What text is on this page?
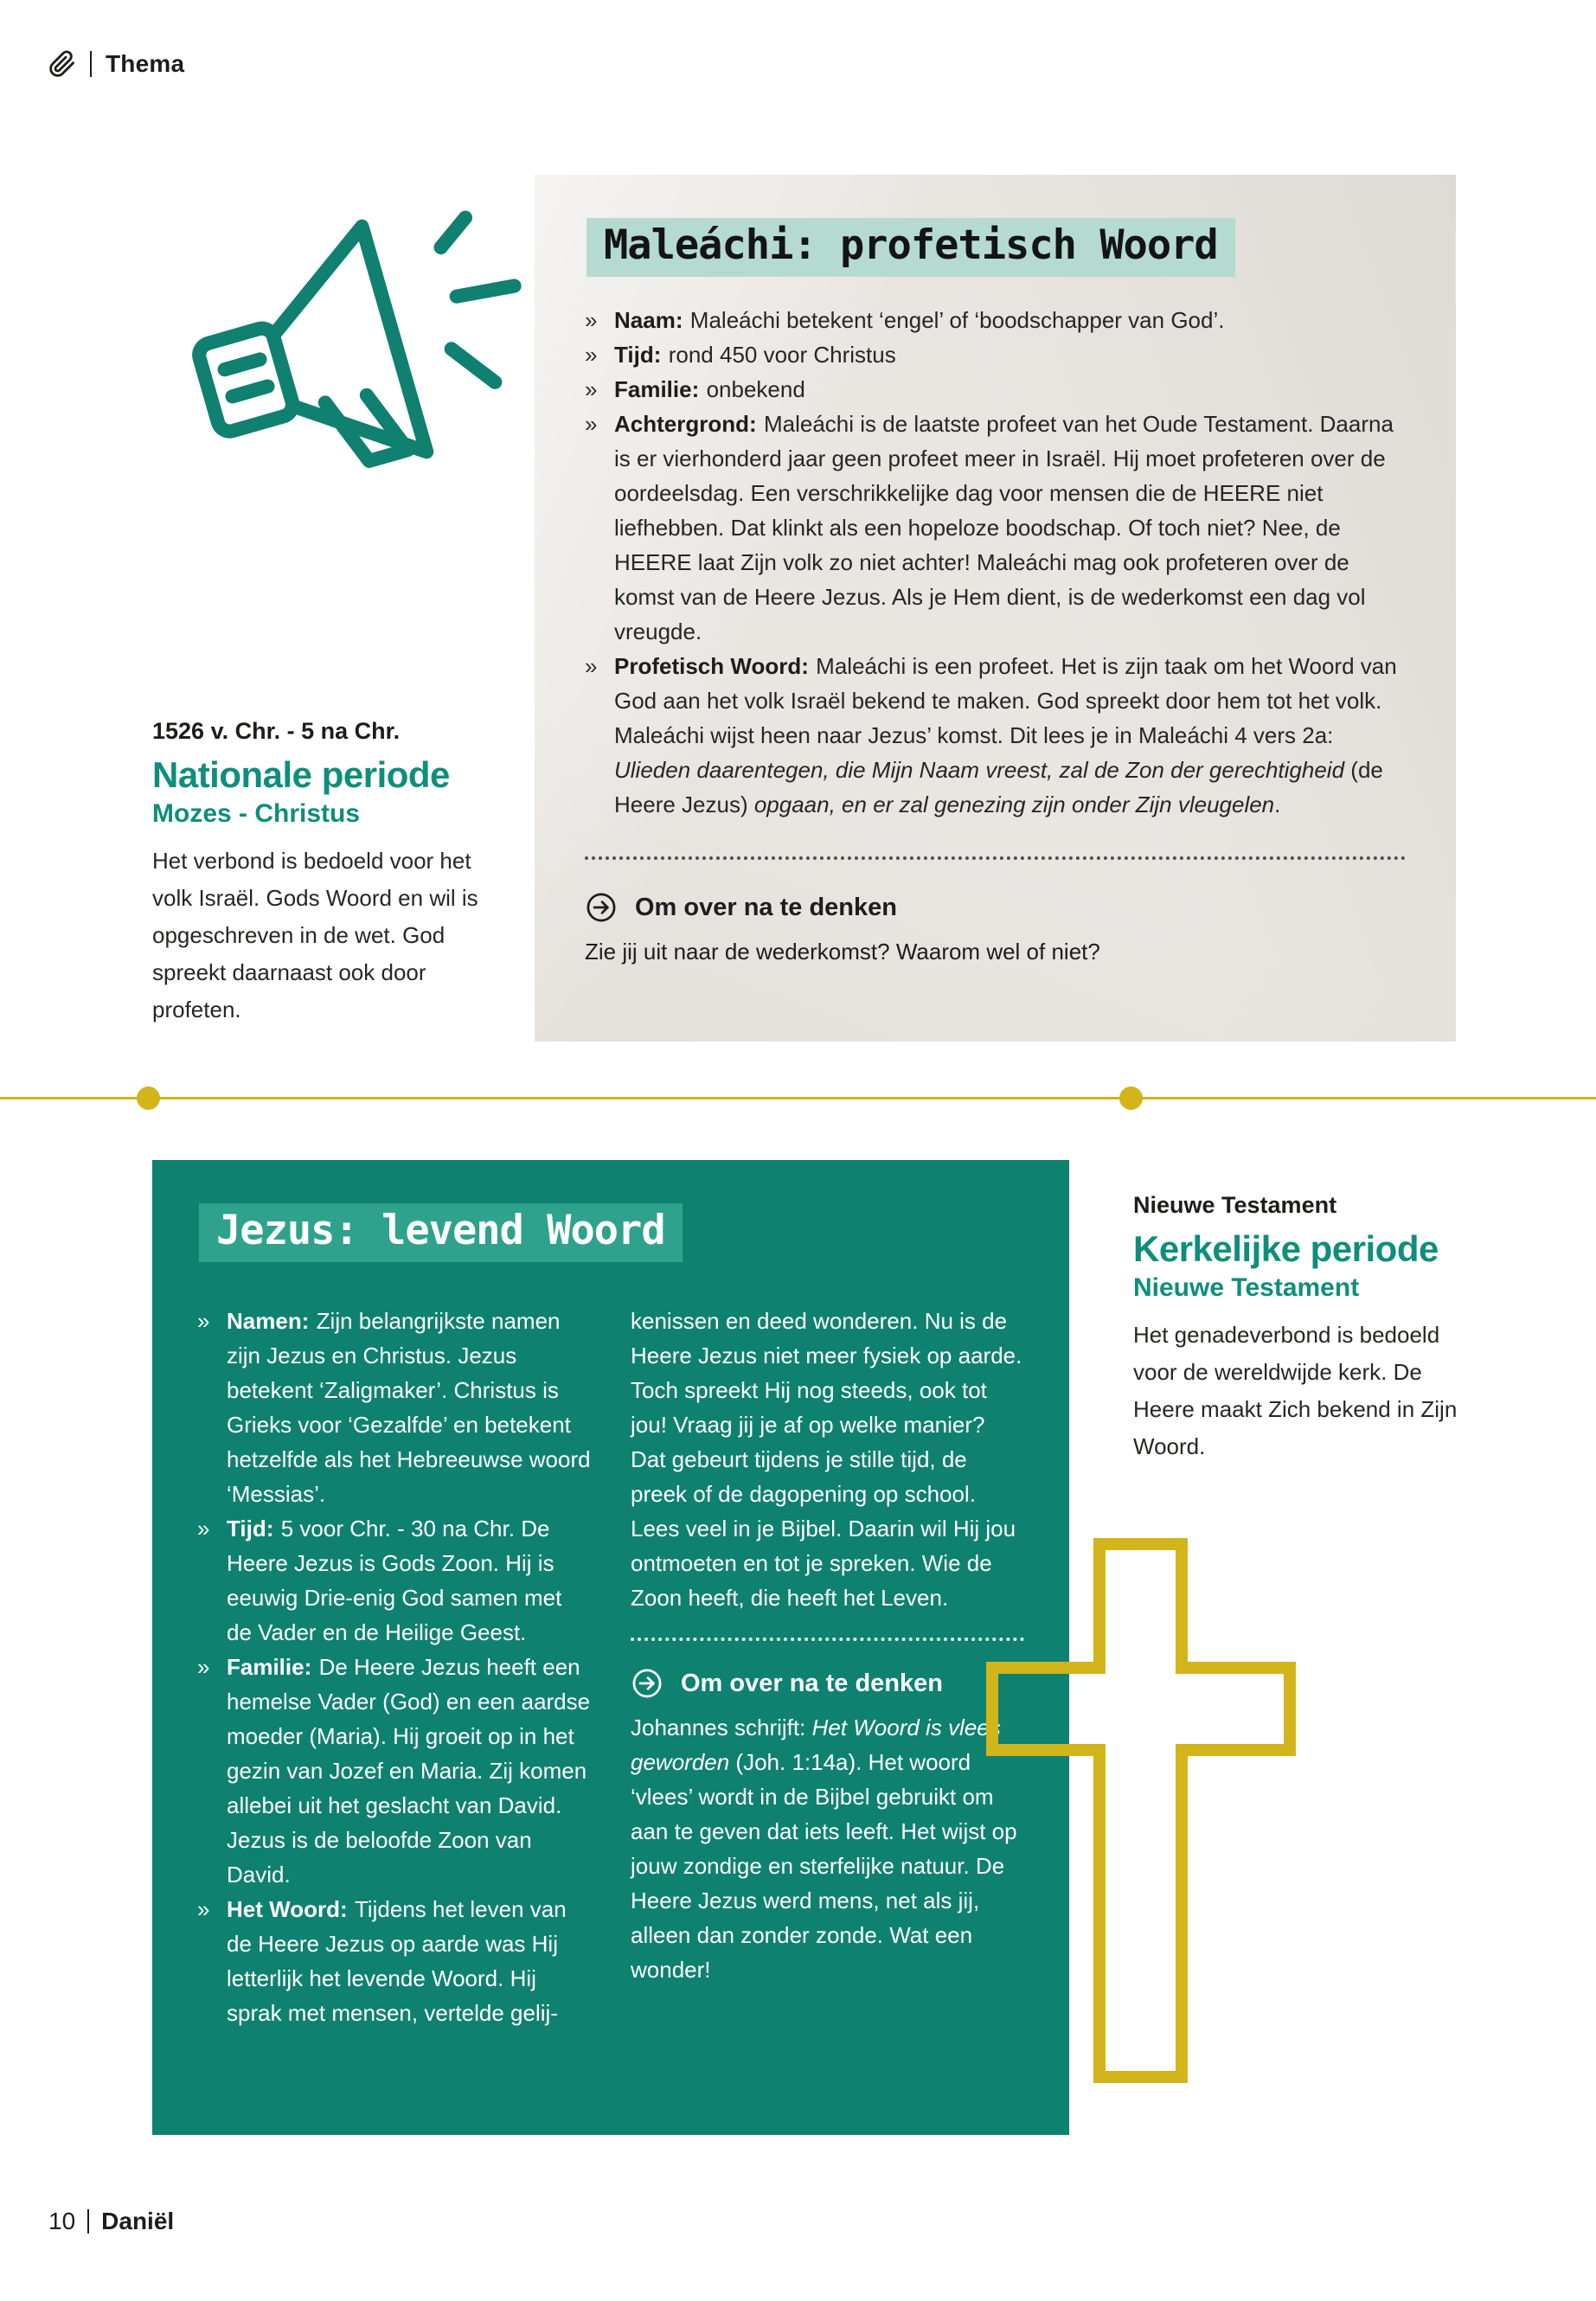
Thema
Maleáchi: profetisch Woord
» Naam: Maleáchi betekent ‘engel’ of ‘boodschapper van God’.

» Tijd: rond 450 voor Christus

» Familie: onbekend

» Achtergrond: Maleáchi is de laatste profeet van het Oude Testament. Daarna is er vierhonderd jaar geen profeet meer in Israël. Hij moet profeteren over de oordeelsdag. Een verschrikkelijke dag voor mensen die de HEERE niet liefhebben. Dat klinkt als een hopeloze boodschap. Of toch niet? Nee, de HEERE laat Zijn volk zo niet achter! Maleáchi mag ook profeteren over de komst van de Heere Jezus. Als je Hem dient, is de wederkomst een dag vol vreugde.

» Profetisch Woord: Maleáchi is een profeet. Het is zijn taak om het Woord van God aan het volk Israël bekend te maken. God spreekt door hem tot het volk. Maleáchi wijst heen naar Jezus’ komst. Dit lees je in Maleáchi 4 vers 2a: Ulieden daarentegen, die Mijn Naam vreest, zal de Zon der gerechtigheid (de Heere Jezus) opgaan, en er zal genezing zijn onder Zijn vleugelen.

Om over na te denken

Zie jij uit naar de wederkomst? Waarom wel of niet?

1526 v. Chr. - 5 na Chr.

Nationale periode
Mozes - Christus

Het verbond is bedoeld voor het volk Israël. Gods Woord en wil is opgeschreven in de wet. God spreekt daarnaast ook door profeten.

Jezus: levend Woord
» Namen: Zijn belangrijkste namen zijn Jezus en Christus. Jezus betekent ‘Zaligmaker’. Christus is Grieks voor ‘Gezalfde’ en betekent hetzelfde als het Hebreeuwse woord ‘Messias’.

» Tijd: 5 voor Chr. - 30 na Chr. De Heere Jezus is Gods Zoon. Hij is eeuwig Drie-enig God samen met de Vader en de Heilige Geest.

» Familie: De Heere Jezus heeft een hemelse Vader (God) en een aardse moeder (Maria). Hij groeit op in het gezin van Jozef en Maria. Zij komen allebei uit het geslacht van David. Jezus is de beloofde Zoon van David.

» Het Woord: Tijdens het leven van de Heere Jezus op aarde was Hij letterlijk het levende Woord. Hij sprak met mensen, vertelde gelij-

kenissen en deed wonderen. Nu is de Heere Jezus niet meer fysiek op aarde. Toch spreekt Hij nog steeds, ook tot jou! Vraag jij je af op welke manier? Dat gebeurt tijdens je stille tijd, de preek of de dagopening op school. Lees veel in je Bijbel. Daarin wil Hij jou ontmoeten en tot je spreken. Wie de Zoon heeft, die heeft het Leven.

Om over na te denken

Johannes schrijft: Het Woord is vlees geworden (Joh. 1:14a). Het woord ‘vlees’ wordt in de Bijbel gebruikt om aan te geven dat iets leeft. Het wijst op jouw zondige en sterfelijke natuur. De Heere Jezus werd mens, net als jij, alleen dan zonder zonde. Wat een wonder!

Nieuwe Testament

Kerkelijke periode
Nieuwe Testament

Het genadeverbond is bedoeld voor de wereldwijde kerk. De Heere maakt Zich bekend in Zijn Woord.

10 Daniël
